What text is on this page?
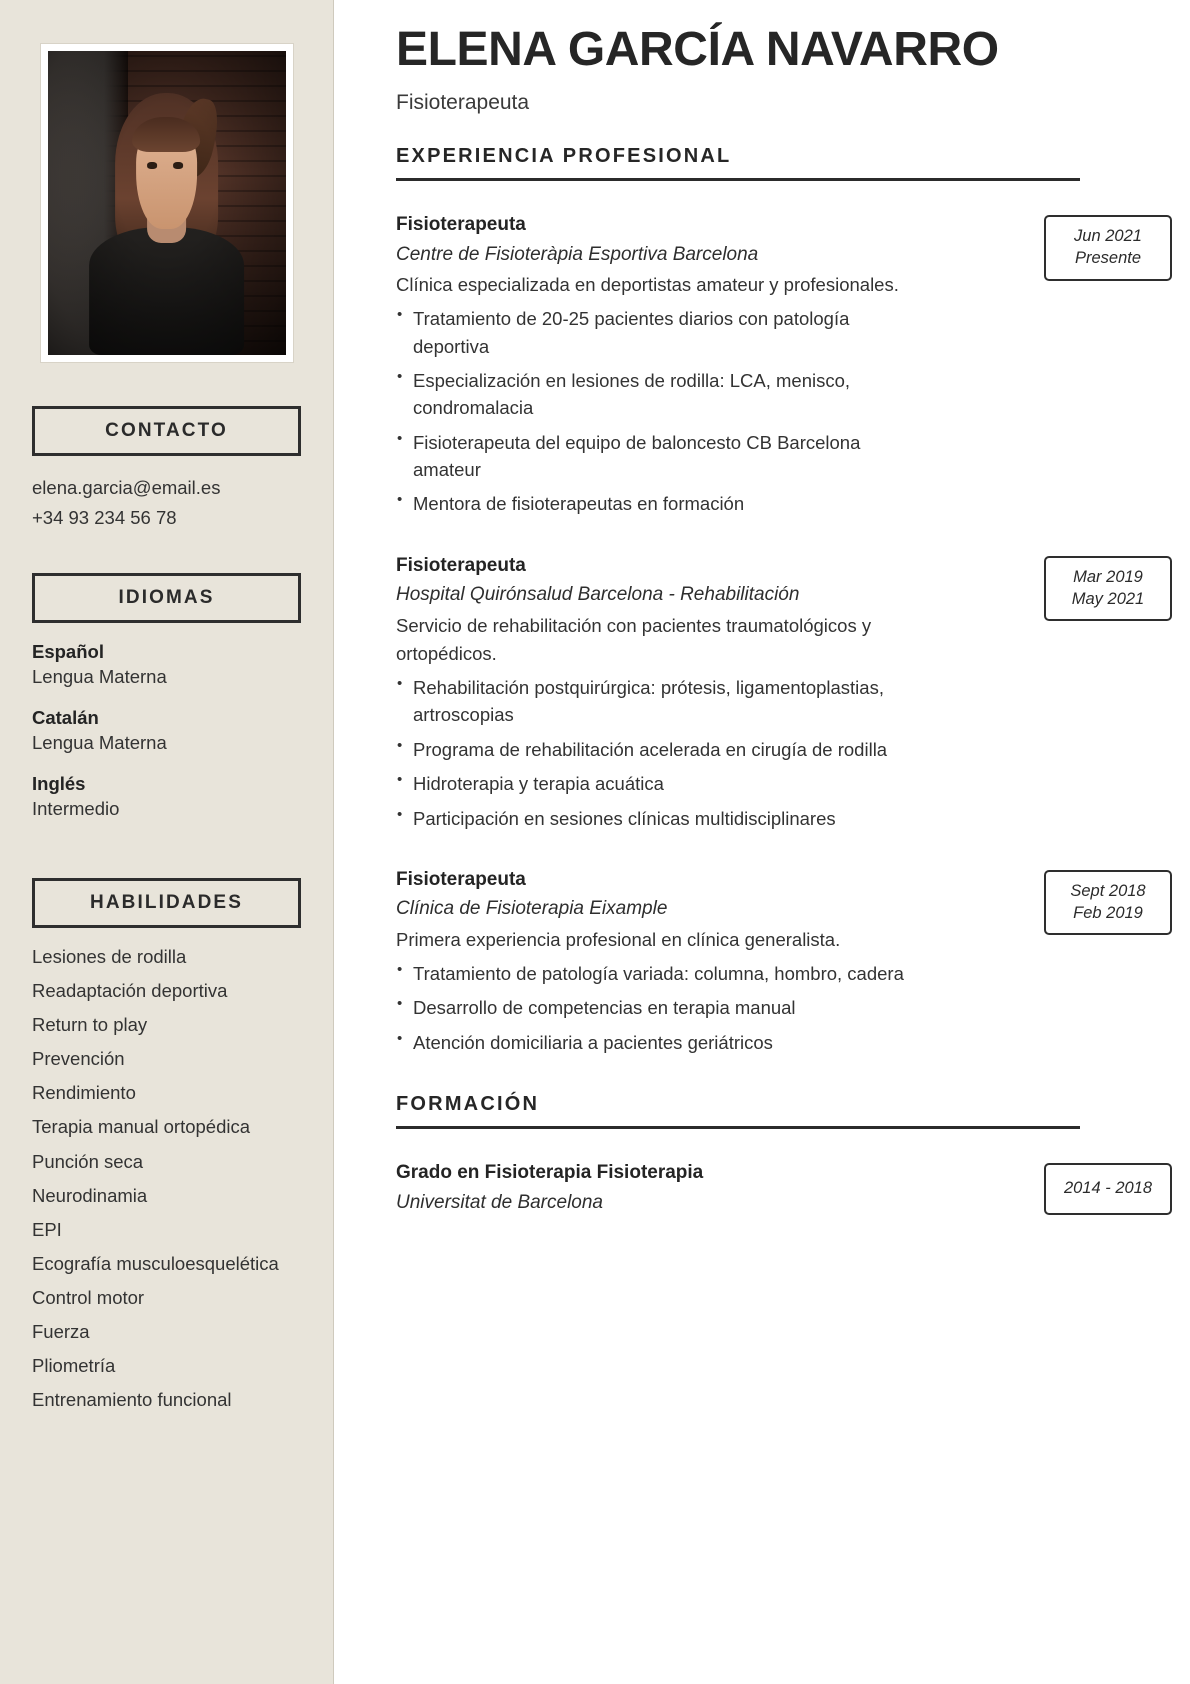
CONTACTO
elena.garcia@email.es
+34 93 234 56 78
IDIOMAS
Español
Lengua Materna
Catalán
Lengua Materna
Inglés
Intermedio
HABILIDADES
Lesiones de rodilla
Readaptación deportiva
Return to play
Prevención
Rendimiento
Terapia manual ortopédica
Punción seca
Neurodinamia
EPI
Ecografía musculoesquelética
Control motor
Fuerza
Pliometría
Entrenamiento funcional
ELENA GARCÍA NAVARRO
Fisioterapeuta
EXPERIENCIA PROFESIONAL
Jun 2021
Presente
Fisioterapeuta
Centre de Fisioteràpia Esportiva Barcelona
Clínica especializada en deportistas amateur y profesionales.
• Tratamiento de 20-25 pacientes diarios con patología deportiva
• Especialización en lesiones de rodilla: LCA, menisco, condromalacia
• Fisioterapeuta del equipo de baloncesto CB Barcelona amateur
• Mentora de fisioterapeutas en formación
Mar 2019
May 2021
Fisioterapeuta
Hospital Quirónsalud Barcelona - Rehabilitación
Servicio de rehabilitación con pacientes traumatológicos y ortopédicos.
• Rehabilitación postquirúrgica: prótesis, ligamentoplastias, artroscopias
• Programa de rehabilitación acelerada en cirugía de rodilla
• Hidroterapia y terapia acuática
• Participación en sesiones clínicas multidisciplinares
Sept 2018
Feb 2019
Fisioterapeuta
Clínica de Fisioterapia Eixample
Primera experiencia profesional en clínica generalista.
• Tratamiento de patología variada: columna, hombro, cadera
• Desarrollo de competencias en terapia manual
• Atención domiciliaria a pacientes geriátricos
FORMACIÓN
2014 - 2018
Grado en Fisioterapia Fisioterapia
Universitat de Barcelona
